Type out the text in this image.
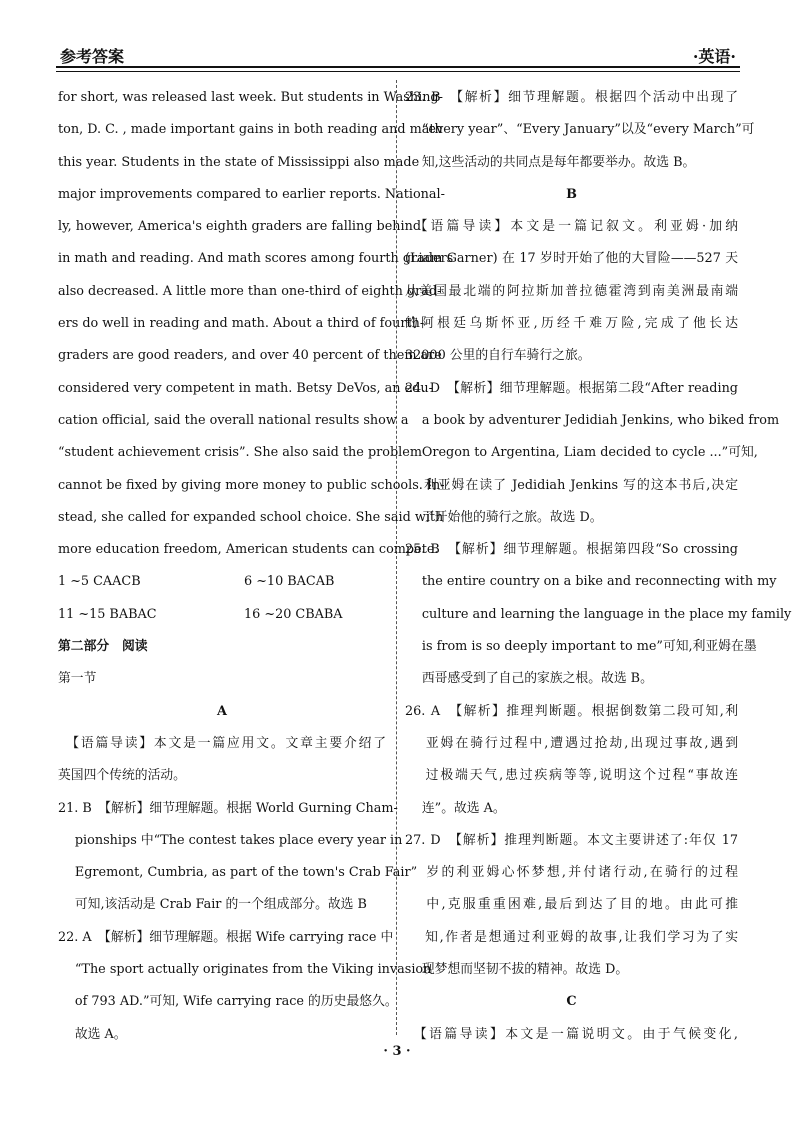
参考答案	·英语·
for short, was released last week. But students in Washing-
ton, D. C. , made important gains in both reading and math
this year. Students in the state of Mississippi also made
major improvements compared to earlier reports. National-
ly, however, America's eighth graders are falling behind
in math and reading. And math scores among fourth graders
also decreased. A little more than one-third of eighth grad-
ers do well in reading and math. About a third of fourth-
graders are good readers, and over 40 percent of them are
considered very competent in math. Betsy DeVos, an edu-
cation official, said the overall national results show a
“student achievement crisis”. She also said the problem
cannot be fixed by giving more money to public schools. In-
stead, she called for expanded school choice. She said with
more education freedom, American students can compete.
1 ~5 CAACB	6 ~10 BACAB
11 ~15 BABAC	16 ~20 CBABA
第二部分　阅读
第一节
A
　【语篇导读】本文是一篇应用文。文章主要介绍了
英国四个传统的活动。
21. B　【解析】细节理解题。根据 World Gurning Cham-
　 pionships 中“The contest takes place every year in
　 Egremont, Cumbria, as part of the town's Crab Fair”
　 可知,该活动是 Crab Fair 的一个组成部分。故选 B
22. A　【解析】细节理解题。根据 Wife carrying race 中
　 “The sport actually originates from the Viking invasion
　 of 793 AD.”可知, Wife carrying race 的历史最悠久。
　 故选 A。
23. B　【解析】细节理解题。根据四个活动中出现了
　 “every year”、“Every January”以及“every March”可
　 知,这些活动的共同点是每年都要举办。故选 B。
B
　【语篇导读】本文是一篇记叙文。利亚姆·加纳
(Liam Garner) 在 17 岁时开始了他的大冒险——527 天
从美国最北端的阿拉斯加普拉德霍湾到南美洲最南端
的阿根廷乌斯怀亚,历经千难万险,完成了他长达
32000 公里的自行车骑行之旅。
24. D　【解析】细节理解题。根据第二段“After reading
　 a book by adventurer Jedidiah Jenkins, who biked from
　 Oregon to Argentina, Liam decided to cycle ...”可知,
　 利亚姆在读了 Jedidiah Jenkins 写的这本书后,决定
　 了开始他的骑行之旅。故选 D。
25. B　【解析】细节理解题。根据第四段“So crossing
　 the entire country on a bike and reconnecting with my
　 culture and learning the language in the place my family
　 is from is so deeply important to me”可知,利亚姆在墨
　 西哥感受到了自己的家族之根。故选 B。
26. A　【解析】推理判断题。根据倒数第二段可知,利
　 亚姆在骑行过程中,遭遇过抢劫,出现过事故,遇到
　 过极端天气,患过疾病等等,说明这个过程“事故连
　 连”。故选 A。
27. D　【解析】推理判断题。本文主要讲述了:年仅 17
　 岁的利亚姆心怀梦想,并付诸行动,在骑行的过程
　 中,克服重重困难,最后到达了目的地。由此可推
　 知,作者是想通过利亚姆的故事,让我们学习为了实
　 现梦想而坚韧不拔的精神。故选 D。
C
　【语篇导读】本文是一篇说明文。由于气候变化,
· 3 ·
